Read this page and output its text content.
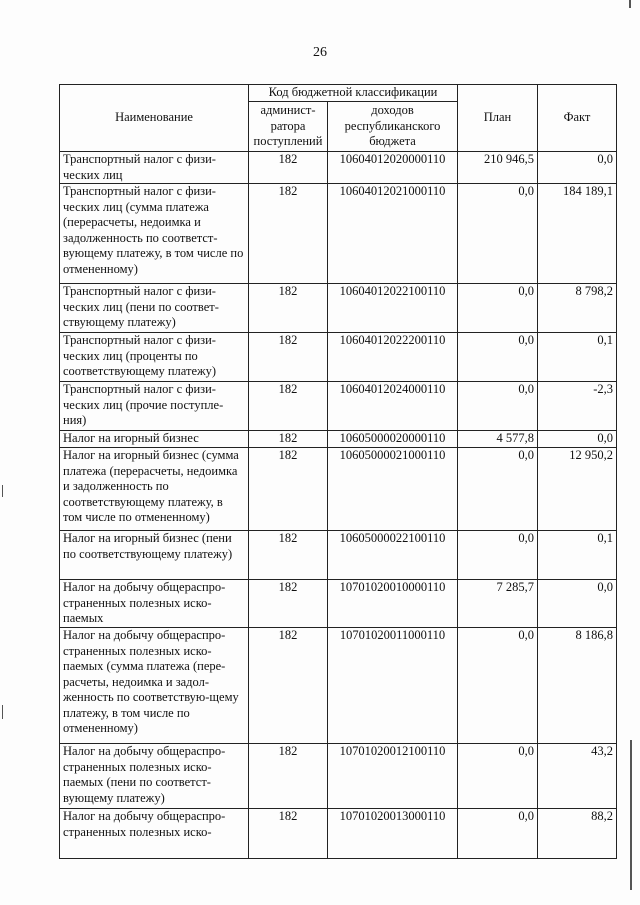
26
Наименование	Код бюджетной классификации		План	Факт
	админист-ратора поступлений	доходов республиканского бюджета		
Транспортный налог с физи-ческих лиц	182	10604012020000110	210 946,5	0,0
Транспортный налог с физи-ческих лиц (сумма платежа (перерасчеты, недоимка и задолженность по соответст-вующему платежу, в том числе по отмененному)	182	10604012021000110	0,0	184 189,1
Транспортный налог с физи-ческих лиц (пени по соответ-ствующему платежу)	182	10604012022100110	0,0	8 798,2
Транспортный налог с физи-ческих лиц (проценты по соответствующему платежу)	182	10604012022200110	0,0	0,1
Транспортный налог с физи-ческих лиц (прочие поступле-ния)	182	10604012024000110	0,0	-2,3
Налог на игорный бизнес	182	10605000020000110	4 577,8	0,0
Налог на игорный бизнес (сумма платежа (перерасчеты, недоимка и задолженность по соответствующему платежу, в том числе по отмененному)	182	10605000021000110	0,0	12 950,2
Налог на игорный бизнес (пени по соответствующему платежу)	182	10605000022100110	0,0	0,1
Налог на добычу общераспро-страненных полезных иско-паемых	182	10701020010000110	7 285,7	0,0
Налог на добычу общераспро-страненных полезных иско-паемых (сумма платежа (пере-расчеты, недоимка и задол-женность по соответствую-щему платежу, в том числе по отмененному)	182	10701020011000110	0,0	8 186,8
Налог на добычу общераспро-страненных полезных иско-паемых (пени по соответст-вующему платежу)	182	10701020012100110	0,0	43,2
Налог на добычу общераспро-страненных полезных иско-	182	10701020013000110	0,0	88,2
